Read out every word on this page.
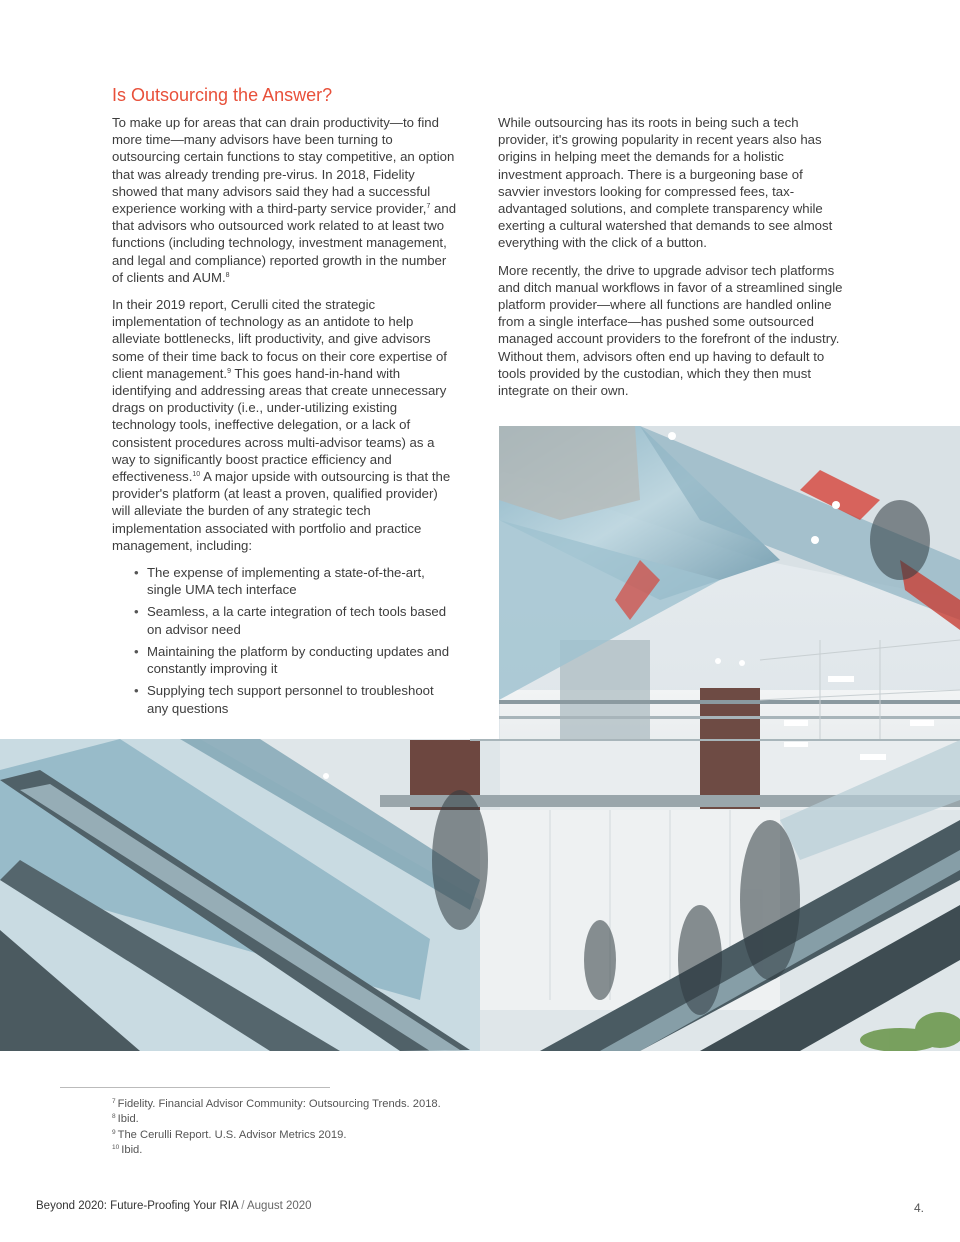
Is Outsourcing the Answer?

To make up for areas that can drain productivity—to find more time—many advisors have been turning to outsourcing certain functions to stay competitive, an option that was already trending pre-virus. In 2018, Fidelity showed that many advisors said they had a successful experience working with a third-party service provider,$^7$ and that advisors who outsourced work related to at least two functions (including technology, investment management, and legal and compliance) reported growth in the number of clients and AUM.$^8$

In their 2019 report, Cerulli cited the strategic implementation of technology as an antidote to help alleviate bottlenecks, lift productivity, and give advisors some of their time back to focus on their core expertise of client management.$^9$ This goes hand-in-hand with identifying and addressing areas that create unnecessary drags on productivity (i.e., under-utilizing existing technology tools, ineffective delegation, or a lack of consistent procedures across multi-advisor teams) as a way to significantly boost practice efficiency and effectiveness.$^{10}$ A major upside with outsourcing is that the provider's platform (at least a proven, qualified provider) will alleviate the burden of any strategic tech implementation associated with portfolio and practice management, including:

• The expense of implementing a state-of-the-art, single UMA tech interface
• Seamless, a la carte integration of tech tools based on advisor need
• Maintaining the platform by conducting updates and constantly improving it
• Supplying tech support personnel to troubleshoot any questions

While outsourcing has its roots in being such a tech provider, it's growing popularity in recent years also has origins in helping meet the demands for a holistic investment approach. There is a burgeoning base of savvier investors looking for compressed fees, tax-advantaged solutions, and complete transparency while exerting a cultural watershed that demands to see almost everything with the click of a button.

More recently, the drive to upgrade advisor tech platforms and ditch manual workflows in favor of a streamlined single platform provider—where all functions are handled online from a single interface—has pushed some outsourced managed account providers to the forefront of the industry. Without them, advisors often end up having to default to tools provided by the custodian, which they then must integrate on their own.

$^7$ Fidelity. Financial Advisor Community: Outsourcing Trends. 2018.
$^8$ Ibid.
$^9$ The Cerulli Report. U.S. Advisor Metrics 2019.
$^{10}$ Ibid.
Beyond 2020: Future-Proofing Your RIA / August 2020	4.
